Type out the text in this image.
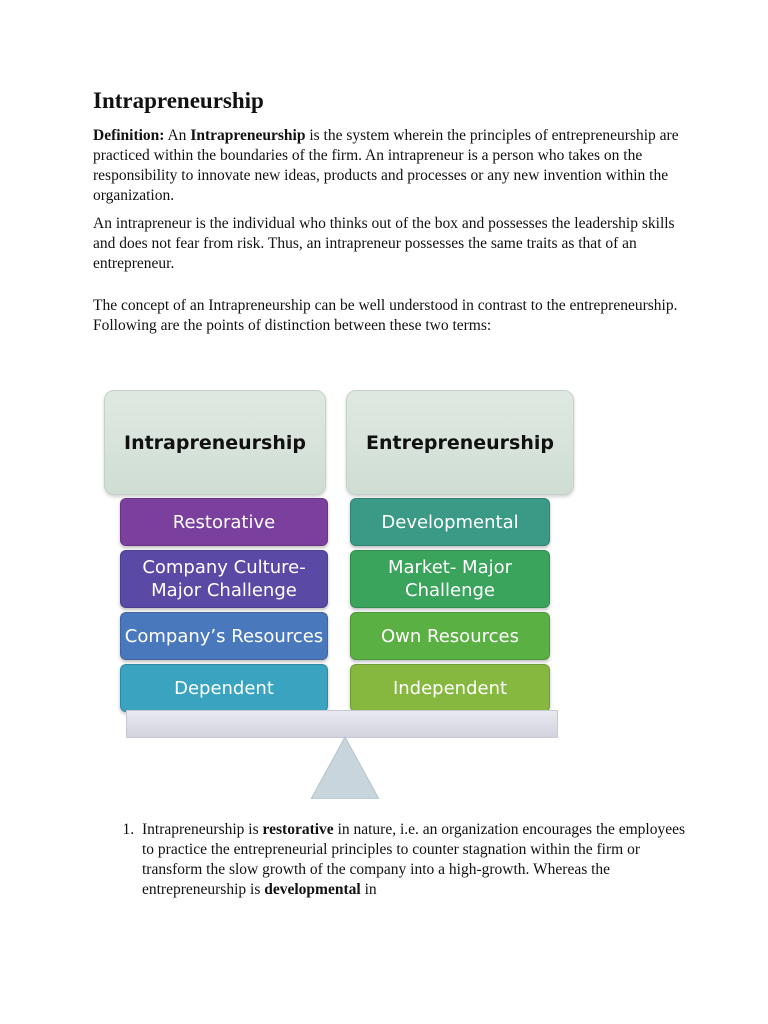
Intrapreneurship

Definition: An Intrapreneurship is the system wherein the principles of entrepreneurship are practiced within the boundaries of the firm. An intrapreneur is a person who takes on the responsibility to innovate new ideas, products and processes or any new invention within the organization.

An intrapreneur is the individual who thinks out of the box and possesses the leadership skills and does not fear from risk. Thus, an intrapreneur possesses the same traits as that of an entrepreneur.

The concept of an Intrapreneurship can be well understood in contrast to the entrepreneurship. Following are the points of distinction between these two terms:

Intrapreneurship	Entrepreneurship
Restorative
Company Culture- Major Challenge
Company’s Resources
Dependent
Developmental
Market- Major Challenge
Own Resources
Independent
1. Intrapreneurship is restorative in nature, i.e. an organization encourages the employees to practice the entrepreneurial principles to counter stagnation within the firm or transform the slow growth of the company into a high-growth. Whereas the entrepreneurship is developmental in
